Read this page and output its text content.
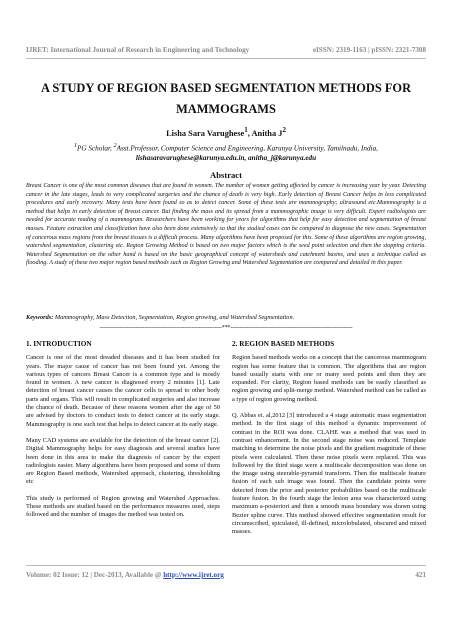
IJRET: International Journal of Research in Engineering and Technology	eISSN: 2319-1163 | pISSN: 2321-7308
A STUDY OF REGION BASED SEGMENTATION METHODS FOR
MAMMOGRAMS
Lisha Sara Varughese$^1$, Anitha $J^2$
$^1$PG Scholar, $^2$Asst.Professor, Computer Science and Engineering, Karunya University, Tamilnadu, India,
lishasaravarughese@karunya.edu.in, anitha_j@karunya.edu
Abstract
Breast Cancer is one of the most common diseases that are found in women. The number of women getting affected by cancer is increasing year by year. Detecting cancer in the late stages, leads to very complicated surgeries and the chance of death is very high. Early detection of Breast Cancer helps in less complicated procedures and early recovery. Many tests have been found so as to detect cancer. Some of these tests are mammography; ultrasound etc.Mammography is a method that helps in early detection of Breast cancer. But finding the mass and its spread from a mammographic image is very difficult. Expert radiologists are needed for accurate reading of a mammogram. Researchers have been working for years for algorithms that help for easy detection and segmentation of breast masses. Feature extraction and classification have also been done extensively so that the studied cases can be compared to diagnose the new cases. Segmentation of cancerous mass regions from the breast tissues is a difficult process. Many algorithms have been proposed for this. Some of these algorithms are region growing, watershed segmentation, clustering etc. Region Growing Method is based on two major factors which is the seed point selection and then the stopping criteria. Watershed Segmentation on the other hand is based on the basic geographical concept of watersheds and catchment basins, and uses a technique called as flooding. A study of these two major region based methods such as Region Growing and Watershed Segmentation are compared and detailed in this paper.
Keywords: Mammography, Mass Detection, Segmentation, Region growing, and Watershed Segmentation.
--------------------------------------------------------------------***--------------------------------------------------------------------
1. INTRODUCTION

Cancer is one of the most dreaded diseases and it has been studied for years. The major cause of cancer has not been found yet. Among the various types of cancers Breast Cancer is a common type and is mostly found in women. A new cancer is diagnosed every 2 minutes [1]. Late detection of breast cancer causes the cancer cells to spread to other body parts and organs. This will result in complicated surgeries and also increase the chance of death. Because of these reasons women after the age of 50 are advised by doctors to conduct tests to detect cancer at its early stage. Mammography is one such test that helps to detect cancer at its early stage.

Many CAD systems are available for the detection of the breast cancer [2]. Digital Mammography helps for easy diagnosis and several studies have been done in this area to make the diagnosis of cancer by the expert radiologists easier. Many algorithms have been proposed and some of them are Region Based methods, Watershed approach, clustering, thresholding etc

This study is performed of Region growing and Watershed Approaches. These methods are studied based on the performance measures used, steps followed and the number of images the method was tested on.

2. REGION BASED METHODS

Region based methods works on a concept that the cancerous mammogram region has some feature that is common. The algorithms that are region based usually starts with one or many seed points and then they are expanded. For clarity, Region based methods can be easily classified as region growing and split-merge method. Watershed method can be called as a type of region growing method.

Q. Abbas et. al,2012 [3] introduced a 4 stage automatic mass segmentation method. In the first stage of this method a dynamic improvement of contrast in the ROI was done. CLAHE was a method that was used in contrast enhancement. In the second stage noise was reduced. Template matching to determine the noise pixels and the gradient magnitude of these pixels were calculated. Then these noise pixels were replaced. This was followed by the third stage were a multiscale decomposition was done on the image using steerable-pyramid transform. Then the multiscale feature fusion of each sub image was found. Then the candidate points were detected from the prior and posterior probabilities based on the multiscale feature fusion. In the fourth stage the lesion area was characterized using maximum a-posteriori and then a smooth mass boundary was drawn using Bezier spline curve. This method showed effective segmentation result for circumscribed, spiculated, ill-defined, microlobulated, obscured and mixed masses.

Volume: 02 Issue: 12 | Dec-2013, Available @ http://www.ijret.org	421
